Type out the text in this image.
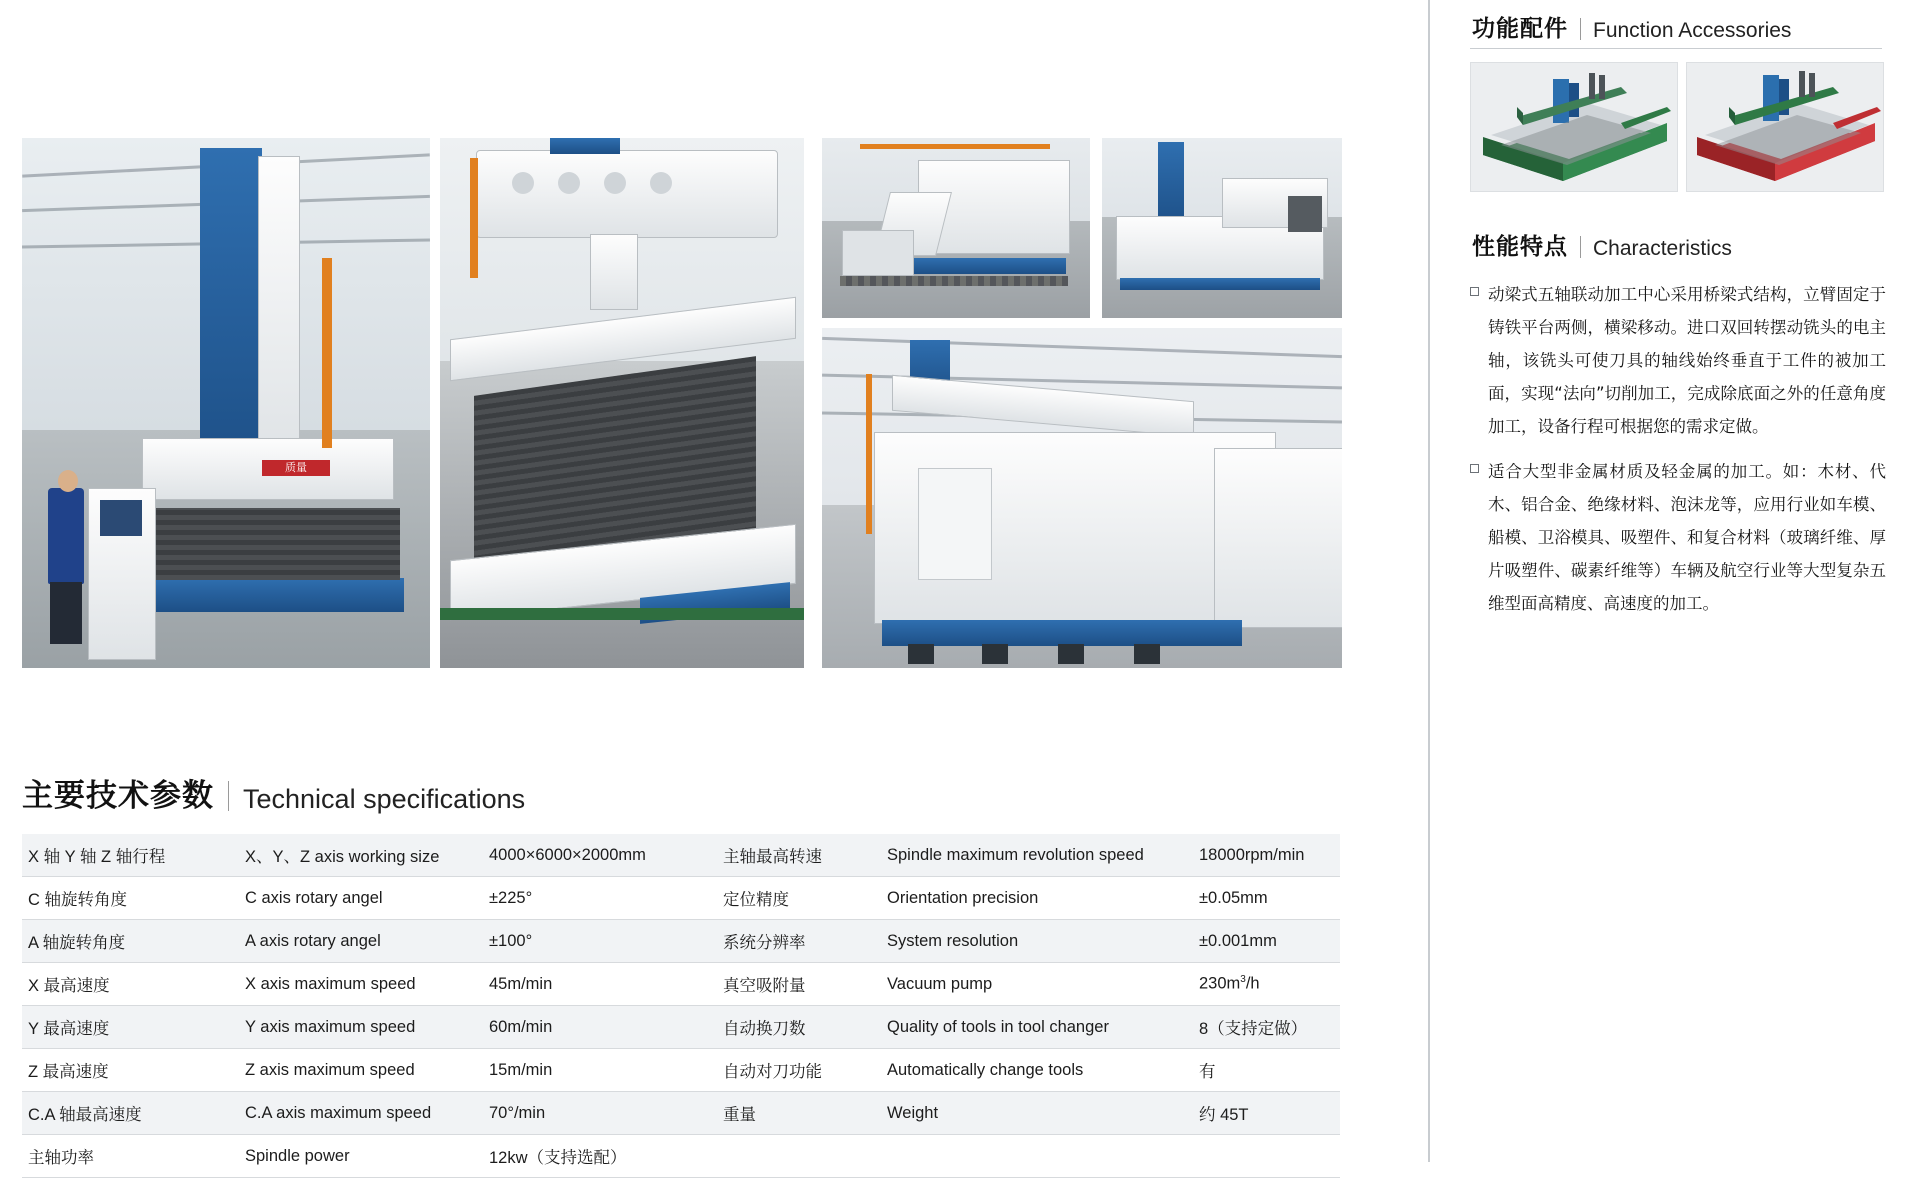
质量
主要技术参数 Technical specifications
X 轴 Y 轴 Z 轴行程	X、Y、Z axis working size	4000×6000×2000mm	主轴最高转速	Spindle maximum revolution speed	18000rpm/min
C 轴旋转角度	C axis rotary angel	±225°	定位精度	Orientation precision	±0.05mm
A 轴旋转角度	A axis rotary angel	±100°	系统分辨率	System resolution	±0.001mm
X 最高速度	X axis maximum speed	45m/min	真空吸附量	Vacuum pump	$230m^3/h$
Y 最高速度	Y axis maximum speed	60m/min	自动换刀数	Quality of tools in tool changer	8（支持定做）
Z 最高速度	Z axis maximum speed	15m/min	自动对刀功能	Automatically change tools	有
C.A 轴最高速度	C.A axis maximum speed	70°/min	重量	Weight	约 45T
主轴功率	Spindle power	12kw（支持选配）			
功能配件 Function Accessories
性能特点 Characteristics
动梁式五轴联动加工中心采用桥梁式结构，立臂固定于铸铁平台两侧，横梁移动。进口双回转摆动铣头的电主轴，该铣头可使刀具的轴线始终垂直于工件的被加工面，实现“法向”切削加工，完成除底面之外的任意角度加工，设备行程可根据您的需求定做。
适合大型非金属材质及轻金属的加工。如：木材、代木、铝合金、绝缘材料、泡沫龙等，应用行业如车模、船模、卫浴模具、吸塑件、和复合材料（玻璃纤维、厚片吸塑件、碳素纤维等）车辆及航空行业等大型复杂五维型面高精度、高速度的加工。
